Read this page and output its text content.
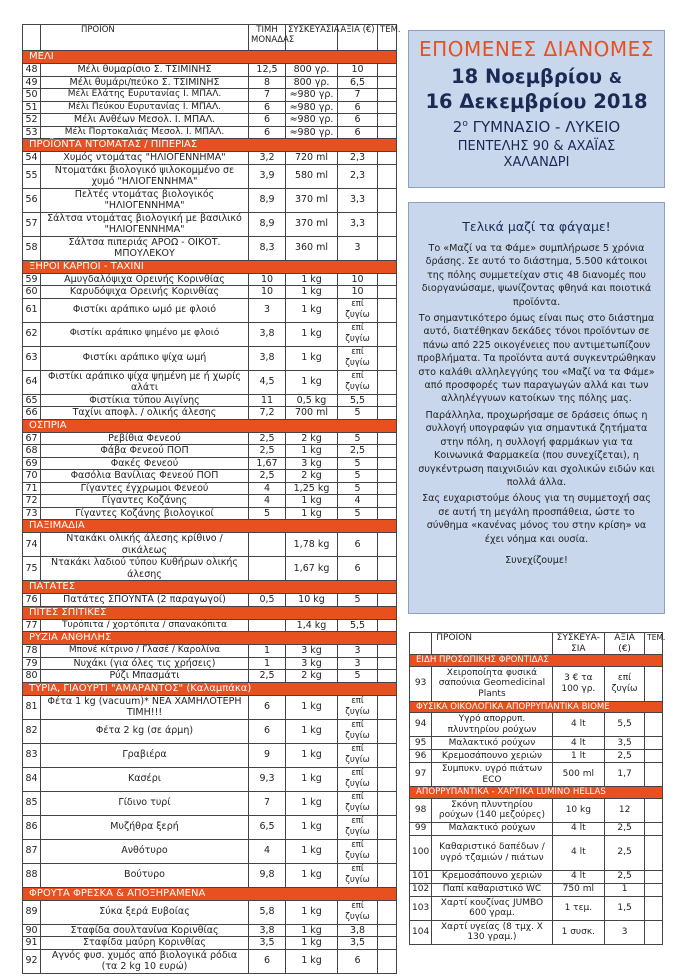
	ΠΡΟΪΟΝ	ΤΙΜΗ ΜΟΝΑΔΑΣ	ΣΥΣΚΕΥΑΣΙΑ	ΑΞΙΑ (€)	ΤΕΜ.
ΜΕΛΙ					
48	Μέλι θυμαρίσιο Σ. ΤΣΙΜΙΝΗΣ	12,5	800 γρ.	10	
49	Μέλι θυμάρι/πεύκο Σ. ΤΣΙΜΙΝΗΣ	8	800 γρ.	6,5	
50	Μέλι Ελάτης Ευρυτανίας Ι. ΜΠΑΛ.	7	≈980 γρ.	7	
51	Μέλι Πεύκου Ευρυτανίας Ι. ΜΠΑΛ.	6	≈980 γρ.	6	
52	Μέλι Ανθέων Μεσολ. Ι. ΜΠΑΛ.	6	≈980 γρ.	6	
53	Μέλι Πορτοκαλιάς Μεσολ. Ι. ΜΠΑΛ.	6	≈980 γρ.	6	
ΠΡΟΪΟΝΤΑ ΝΤΟΜΑΤΑΣ / ΠΙΠΕΡΙΑΣ					
54	Χυμός ντομάτας "ΗΛΙΟΓΕΝΝΗΜΑ"	3,2	720 ml	2,3	
55	Ντοματάκι βιολογικό ψιλοκομμένο σε χυμό "ΗΛΙΟΓΕΝΝΗΜΑ"	3,9	580 ml	2,3	
56	Πελτές ντομάτας βιολογικός "ΗΛΙΟΓΕΝΝΗΜΑ"	8,9	370 ml	3,3	
57	Σάλτσα ντομάτας βιολογική με βασιλικό "ΗΛΙΟΓΕΝΝΗΜΑ"	8,9	370 ml	3,3	
58	Σάλτσα πιπεριάς ΑΡΟΩ - ΟΙΚΟΤ. ΜΠΟΥΛΕΚΟΥ	8,3	360 ml	3	
ΞΗΡΟΙ ΚΑΡΠΟΙ - ΤΑΧΙΝΙ					
59	Αμυγδαλόψιχα Ορεινής Κορινθίας	10	1 kg	10	
60	Καρυδόψιχα Ορεινής Κορινθίας	10	1 kg	10	
61	Φιστίκι αράπικο ωμό με φλοιό	3	1 kg	επί ζυγίω	
62	Φιστίκι αράπικο ψημένο με φλοιό	3,8	1 kg	επί ζυγίω	
63	Φιστίκι αράπικο ψίχα ωμή	3,8	1 kg	επί ζυγίω	
64	Φιστίκι αράπικο ψίχα ψημένη με ή χωρίς αλάτι	4,5	1 kg	επί ζυγίω	
65	Φιστίκια τύπου Αιγίνης	11	0,5 kg	5,5	
66	Ταχίνι αποφλ. / ολικής άλεσης	7,2	700 ml	5	
ΟΣΠΡΙΑ					
67	Ρεβίθια Φενεού	2,5	2 kg	5	
68	Φάβα Φενεού ΠΟΠ	2,5	1 kg	2,5	
69	Φακές Φενεού	1,67	3 kg	5	
70	Φασόλια Βανίλιας Φενεού ΠΟΠ	2,5	2 kg	5	
71	Γίγαντες έγχρωμοι Φενεού	4	1,25 kg	5	
72	Γίγαντες Κοζάνης	4	1 kg	4	
73	Γίγαντες Κοζάνης βιολογικοί	5	1 kg	5	
ΠΑΞΙΜΑΔΙΑ					
74	Ντακάκι ολικής άλεσης κρίθινο / σικάλεως		1,78 kg	6	
75	Ντακάκι λαδιού τύπου Κυθήρων ολικής άλεσης		1,67 kg	6	
ΠΑΤΑΤΕΣ					
76	Πατάτες ΣΠΟΥΝΤΑ (2 παραγωγοί)	0,5	10 kg	5	
ΠΙΤΕΣ ΣΠΙΤΙΚΕΣ					
77	Τυρόπιτα / χορτόπιτα / σπανακόπιτα		1,4 kg	5,5	
ΡΥΖΙΑ ΑΝΘΗΛΗΣ					
78	Μπονέ κίτρινο / Γλασέ / Καρολίνα	1	3 kg	3	
79	Νυχάκι (για όλες τις χρήσεις)	1	3 kg	3	
80	Ρύζι Μπασμάτι	2,5	2 kg	5	
ΤΥΡΙΑ, ΓΙΑΟΥΡΤΙ "ΑΜΑΡΑΝΤΟΣ" (Καλαμπάκα)					
81	Φέτα 1 kg (vacuum)* ΝΕΑ ΧΑΜΗΛΟΤΕΡΗ ΤΙΜΗ!!!	6	1 kg	επί ζυγίω	
82	Φέτα 2 kg (σε άρμη)	6	1 kg	επί ζυγίω	
83	Γραβιέρα	9	1 kg	επί ζυγίω	
84	Κασέρι	9,3	1 kg	επί ζυγίω	
85	Γίδινο τυρί	7	1 kg	επί ζυγίω	
86	Μυζήθρα ξερή	6,5	1 kg	επί ζυγίω	
87	Ανθότυρο	4	1 kg	επί ζυγίω	
88	Βούτυρο	9,8	1 kg	επί ζυγίω	
ΦΡΟΥΤΑ ΦΡΕΣΚΑ & ΑΠΟΞΗΡΑΜΕΝΑ					
89	Σύκα ξερά Ευβοίας	5,8	1 kg	επί ζυγίω	
90	Σταφίδα σουλτανίνα Κορινθίας	3,8	1 kg	3,8	
91	Σταφίδα μαύρη Κορινθίας	3,5	1 kg	3,5	
92	Αγνός φυσ. χυμός από βιολογικά ρόδια (τα 2 kg 10 ευρώ)	6	1 kg	6	
ΕΠΟΜΕΝΕΣ ΔΙΑΝΟΜΕΣ
18 Νοεμβρίου &
16 Δεκεμβρίου 2018
$2^o$ ΓΥΜΝΑΣΙΟ - ΛΥΚΕΙΟ
ΠΕΝΤΕΛΗΣ 90 & ΑΧΑΪΑΣ
ΧΑΛΑΝΔΡΙ
Τελικά μαζί τα φάγαμε!

Το «Μαζί να τα Φάμε» συμπλήρωσε 5 χρόνια δράσης. Σε αυτό το διάστημα, 5.500 κάτοικοι της πόλης συμμετείχαν στις 48 διανομές που διοργανώσαμε, ψωνίζοντας φθηνά και ποιοτικά προϊόντα.

Το σημαντικότερο όμως είναι πως στο διάστημα αυτό, διατέθηκαν δεκάδες τόνοι προϊόντων σε πάνω από 225 οικογένειες που αντιμετωπίζουν προβλήματα. Τα προϊόντα αυτά συγκεντρώθηκαν στο καλάθι αλληλεγγύης του «Μαζί να τα Φάμε» από προσφορές των παραγωγών αλλά και των αλληλέγγυων κατοίκων της πόλης μας.

Παράλληλα, προχωρήσαμε σε δράσεις όπως η συλλογή υπογραφών για σημαντικά ζητήματα στην πόλη, η συλλογή φαρμάκων για τα Κοινωνικά Φαρμακεία (που συνεχίζεται), η συγκέντρωση παιχνιδιών και σχολικών ειδών και πολλά άλλα.

Σας ευχαριστούμε όλους για τη συμμετοχή σας σε αυτή τη μεγάλη προσπάθεια, ώστε το σύνθημα «κανένας μόνος του στην κρίση» να έχει νόημα και ουσία.

Συνεχίζουμε!

	ΠΡΟΪΟΝ	ΣΥΣΚΕΥΑ-ΣΙΑ	ΑΞΙΑ (€)	ΤΕΜ.
ΕΙΔΗ ΠΡΟΣΩΠΙΚΗΣ ΦΡΟΝΤΙΔΑΣ				
93	Χειροποίητα φυσικά σαπούνια Geomedicinal Plants	3 € τα 100 γρ.	επί ζυγίω	
ΦΥΣΙΚΑ ΟΙΚΟΛΟΓΙΚΑ ΑΠΟΡΡΥΠΑΝΤΙΚΑ ΒΙΟΜΕ				
94	Υγρό απορρυπ. πλυντηρίου ρούχων	4 lt	5,5	
95	Μαλακτικό ρούχων	4 lt	3,5	
96	Κρεμοσάπουνο χεριών	1 lt	2,5	
97	Συμπυκν. υγρό πιάτων ECO	500 ml	1,7	
ΑΠΟΡΡΥΠΑΝΤΙΚΑ - ΧΑΡΤΙΚΑ LUMINO HELLAS				
98	Σκόνη πλυντηρίου ρούχων (140 μεζούρες)	10 kg	12	
99	Μαλακτικό ρούχων	4 lt	2,5	
100	Καθαριστικό δαπέδων / υγρό τζαμιών / πιάτων	4 lt	2,5	
101	Κρεμοσάπουνο χεριών	4 lt	2,5	
102	Παπί καθαριστικό WC	750 ml	1	
103	Χαρτί κουζίνας JUMBO 600 γραμ.	1 τεμ.	1,5	
104	Χαρτί υγείας (8 τμχ. Χ 130 γραμ.)	1 συσκ.	3	
